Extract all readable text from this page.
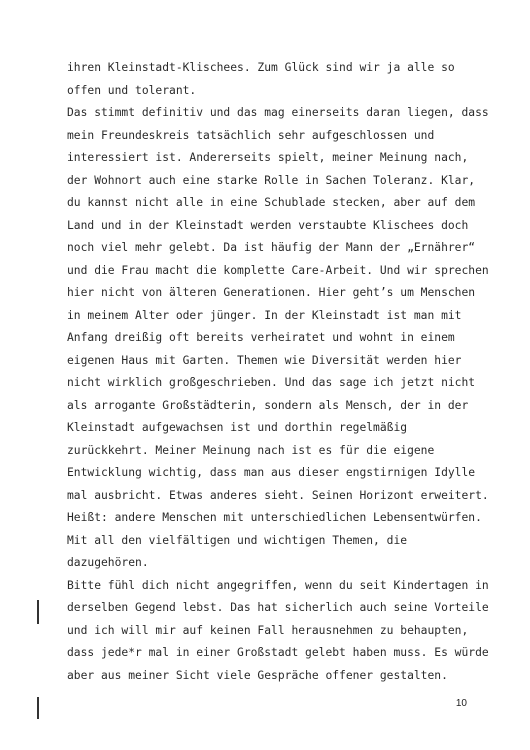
ihren Kleinstadt-Klischees. Zum Glück sind wir ja alle so
offen und tolerant.
Das stimmt definitiv und das mag einerseits daran liegen, dass
mein Freundeskreis tatsächlich sehr aufgeschlossen und
interessiert ist. Andererseits spielt, meiner Meinung nach,
der Wohnort auch eine starke Rolle in Sachen Toleranz. Klar,
du kannst nicht alle in eine Schublade stecken, aber auf dem
Land und in der Kleinstadt werden verstaubte Klischees doch
noch viel mehr gelebt. Da ist häufig der Mann der „Ernährer“
und die Frau macht die komplette Care-Arbeit. Und wir sprechen
hier nicht von älteren Generationen. Hier geht’s um Menschen
in meinem Alter oder jünger. In der Kleinstadt ist man mit
Anfang dreißig oft bereits verheiratet und wohnt in einem
eigenen Haus mit Garten. Themen wie Diversität werden hier
nicht wirklich großgeschrieben. Und das sage ich jetzt nicht
als arrogante Großstädterin, sondern als Mensch, der in der
Kleinstadt aufgewachsen ist und dorthin regelmäßig
zurückkehrt. Meiner Meinung nach ist es für die eigene
Entwicklung wichtig, dass man aus dieser engstirnigen Idylle
mal ausbricht. Etwas anderes sieht. Seinen Horizont erweitert.
Heißt: andere Menschen mit unterschiedlichen Lebensentwürfen.
Mit all den vielfältigen und wichtigen Themen, die
dazugehören.
Bitte fühl dich nicht angegriffen, wenn du seit Kindertagen in
derselben Gegend lebst. Das hat sicherlich auch seine Vorteile
und ich will mir auf keinen Fall herausnehmen zu behaupten,
dass jede*r mal in einer Großstadt gelebt haben muss. Es würde
aber aus meiner Sicht viele Gespräche offener gestalten.
10
